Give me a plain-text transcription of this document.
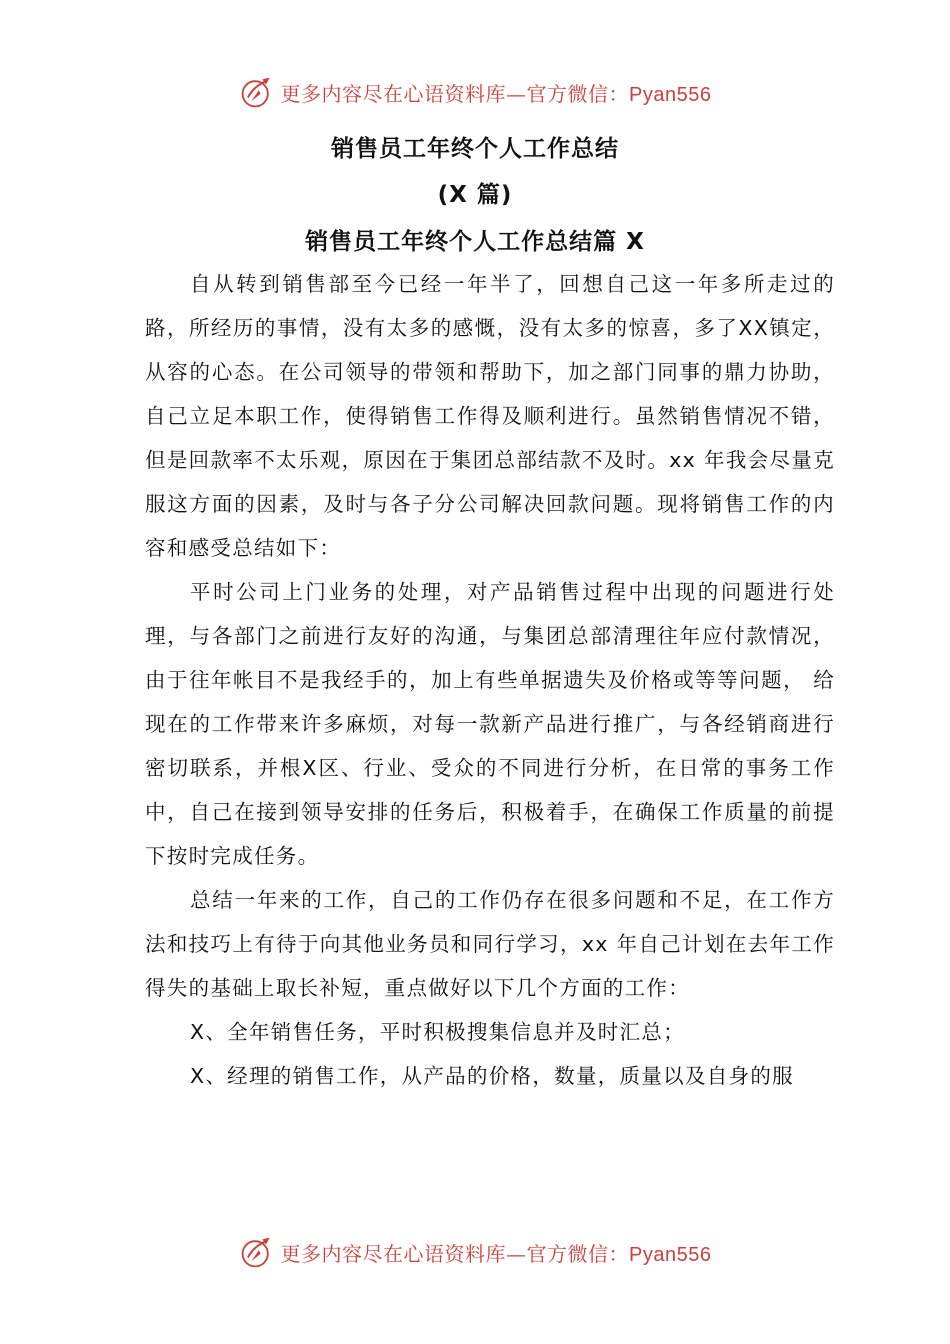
更多内容尽在心语资料库—官方微信：Pyan556
销售员工年终个人工作总结
(X 篇)
销售员工年终个人工作总结篇 X

自从转到销售部至今已经一年半了，回想自己这一年多所走过的路，所经历的事情，没有太多的感慨，没有太多的惊喜，多了XX镇定，从容的心态。在公司领导的带领和帮助下，加之部门同事的鼎力协助，自己立足本职工作，使得销售工作得及顺利进行。虽然销售情况不错，但是回款率不太乐观，原因在于集团总部结款不及时。xx 年我会尽量克服这方面的因素，及时与各子分公司解决回款问题。现将销售工作的内容和感受总结如下：

平时公司上门业务的处理，对产品销售过程中出现的问题进行处理，与各部门之前进行友好的沟通，与集团总部清理往年应付款情况， 由于往年帐目不是我经手的，加上有些单据遗失及价格或等等问题， 给现在的工作带来许多麻烦，对每一款新产品进行推广，与各经销商进行密切联系，并根X区、行业、受众的不同进行分析，在日常的事务工作中，自己在接到领导安排的任务后，积极着手，在确保工作质量的前提下按时完成任务。

总结一年来的工作，自己的工作仍存在很多问题和不足，在工作方法和技巧上有待于向其他业务员和同行学习，xx 年自己计划在去年工作得失的基础上取长补短，重点做好以下几个方面的工作：

X、全年销售任务，平时积极搜集信息并及时汇总；

X、经理的销售工作，从产品的价格，数量，质量以及自身的服

更多内容尽在心语资料库—官方微信：Pyan556
